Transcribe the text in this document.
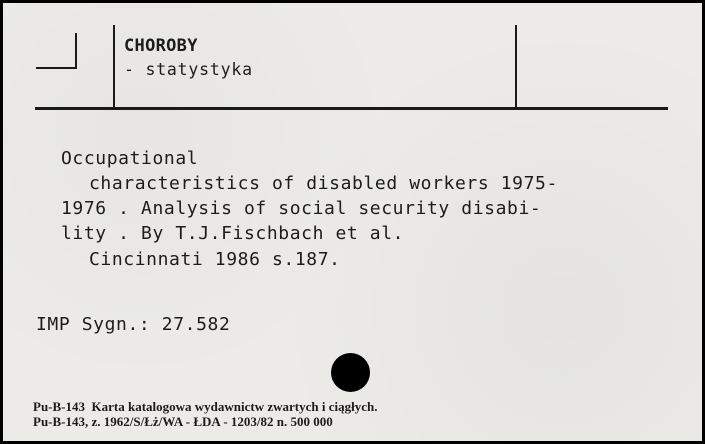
CHOROBY
- statystyka
Occupational
characteristics of disabled workers 1975-
1976 . Analysis of social security disabi-
lity . By T.J.Fischbach et al.
Cincinnati 1986 s.187.
IMP Sygn.: 27.582
Pu-B-143  Karta katalogowa wydawnictw zwartych i ciągłych.
Pu-B-143, z. 1962/S/Łż/WA - ŁDA - 1203/82 n. 500 000
